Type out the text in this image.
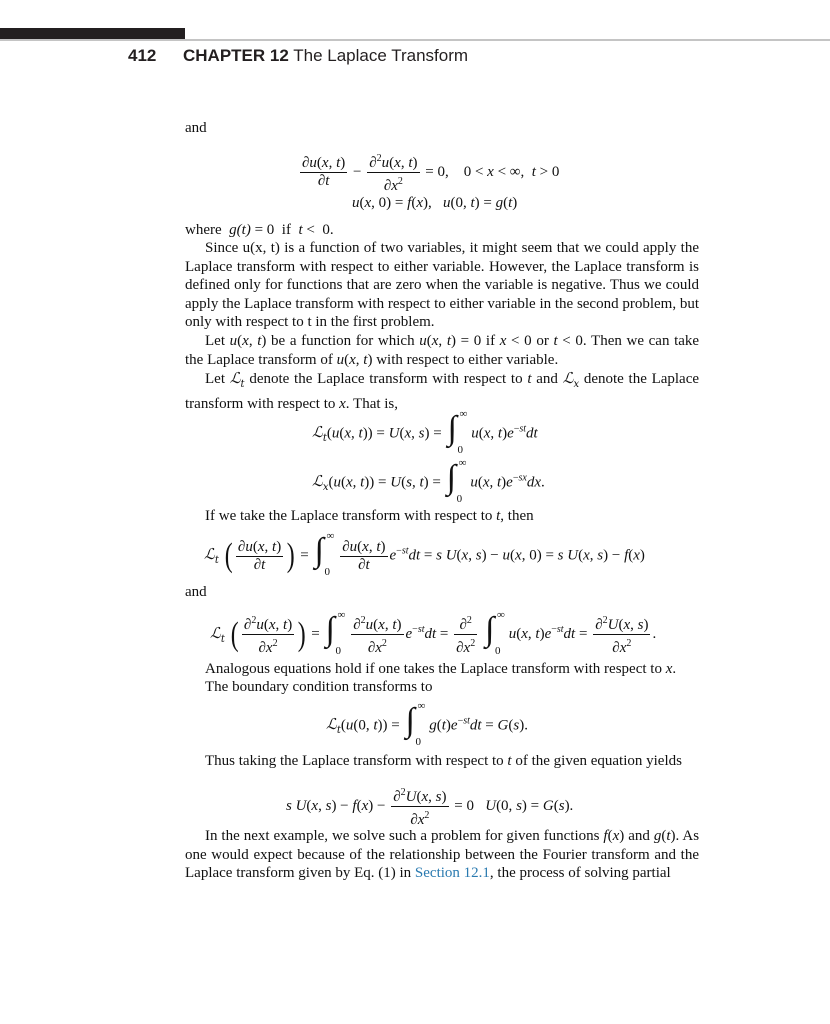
412 CHAPTER 12 The Laplace Transform
and
$\frac{\partial u(x, t)}{\partial t} - \frac{\partial^2u(x, t)}{\partial x^2} = 0$,    0 < x < ∞,  t > 0
u(x, 0) = f(x),   u(0, t) = g(t)
where g(t) = 0  if  t <  0.
Since u(x, t) is a function of two variables, it might seem that we could apply the Laplace transform with respect to either variable. However, the Laplace transform is defined only for functions that are zero when the variable is negative. Thus we could apply the Laplace transform with respect to either variable in the second problem, but only with respect to t in the first problem.
Let u(x, t) be a function for which u(x, t) = 0 if x < 0 or t < 0. Then we can take the Laplace transform of u(x, t) with respect to either variable.
Let ℒ$_t$ denote the Laplace transform with respect to t and ℒ$_x$ denote the Laplace transform with respect to x. That is,
ℒ$_t$(u(x, t)) = U(x, s) = ∫ ∞
0
u(x, $t)e^{-st}dt$
ℒ$_x$(u(x, t)) = U(s, t) = ∫ ∞
0
u(x, $t)e^{-sx}dx$.
If we take the Laplace transform with respect to t, then
ℒ$_t$ ( $\frac{\partial u(x, t)}{\partial t}$ ) = ∫ ∞
0
$\frac{\partial u(x, t)}{\partial t} e^{-st}dt = s$ U(x, s) − u(x, 0) = s U(x, s) − f(x)
and
ℒ$_t$ ( $\frac{\partial^2u(x, t)}{\partial x^2}$ ) = ∫ ∞
0
$\frac{\partial^2u(x, t)}{\partial x^2} e^{-st}dt = \frac{\partial^2}{\partial x^2}$
∫ ∞
0
u(x, $t)e^{-st}dt = \frac{\partial^2U(x, s)}{\partial x^2}$ .
Analogous equations hold if one takes the Laplace transform with respect to x.
The boundary condition transforms to
ℒ$_t$(u(0, t)) = ∫ ∞
0
$g(t)e^{-st}dt = G(s)$.
Thus taking the Laplace transform with respect to t of the given equation yields
s U(x, $s) - f(x) - \frac{\partial^2U(x, s)}{\partial x^2} = 0$   U(0, s) = G(s).
In the next example, we solve such a problem for given functions f(x) and g(t). As one would expect because of the relationship between the Fourier transform and the Laplace transform given by Eq. (1) in Section 12.1, the process of solving partial
